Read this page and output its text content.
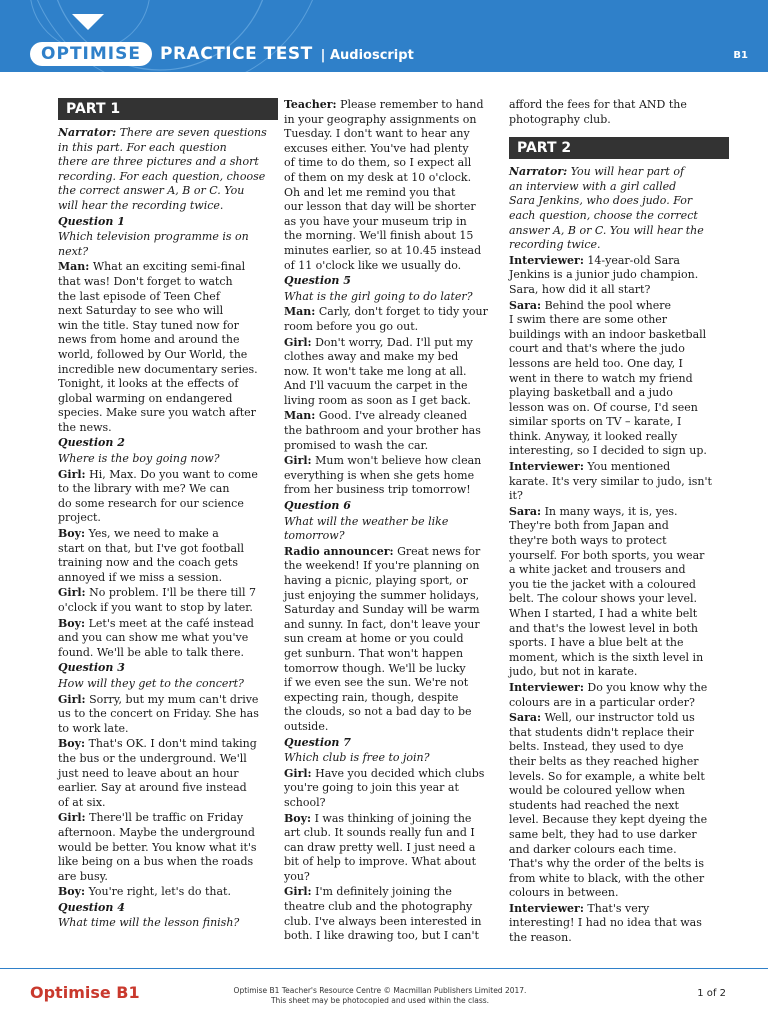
OPTIMISE	PRACTICE TEST | Audioscript	B1
PART 1

Narrator: There are seven questions
in this part. For each question
there are three pictures and a short
recording. For each question, choose
the correct answer A, B or C. You
will hear the recording twice.

Question 1

Which television programme is on
next?

Man: What an exciting semi-final
that was! Don't forget to watch
the last episode of Teen Chef
next Saturday to see who will
win the title. Stay tuned now for
news from home and around the
world, followed by Our World, the
incredible new documentary series.
Tonight, it looks at the effects of
global warming on endangered
species. Make sure you watch after
the news.

Question 2

Where is the boy going now?

Girl: Hi, Max. Do you want to come
to the library with me? We can
do some research for our science
project.

Boy: Yes, we need to make a
start on that, but I've got football
training now and the coach gets
annoyed if we miss a session.

Girl: No problem. I'll be there till 7
o'clock if you want to stop by later.

Boy: Let's meet at the café instead
and you can show me what you've
found. We'll be able to talk there.

Question 3

How will they get to the concert?

Girl: Sorry, but my mum can't drive
us to the concert on Friday. She has
to work late.

Boy: That's OK. I don't mind taking
the bus or the underground. We'll
just need to leave about an hour
earlier. Say at around five instead
of at six.

Girl: There'll be traffic on Friday
afternoon. Maybe the underground
would be better. You know what it's
like being on a bus when the roads
are busy.

Boy: You're right, let's do that.

Question 4

What time will the lesson finish?

Teacher: Please remember to hand
in your geography assignments on
Tuesday. I don't want to hear any
excuses either. You've had plenty
of time to do them, so I expect all
of them on my desk at 10 o'clock.
Oh and let me remind you that
our lesson that day will be shorter
as you have your museum trip in
the morning. We'll finish about 15
minutes earlier, so at 10.45 instead
of 11 o'clock like we usually do.

Question 5

What is the girl going to do later?

Man: Carly, don't forget to tidy your
room before you go out.

Girl: Don't worry, Dad. I'll put my
clothes away and make my bed
now. It won't take me long at all.
And I'll vacuum the carpet in the
living room as soon as I get back.

Man: Good. I've already cleaned
the bathroom and your brother has
promised to wash the car.

Girl: Mum won't believe how clean
everything is when she gets home
from her business trip tomorrow!

Question 6

What will the weather be like
tomorrow?

Radio announcer: Great news for
the weekend! If you're planning on
having a picnic, playing sport, or
just enjoying the summer holidays,
Saturday and Sunday will be warm
and sunny. In fact, don't leave your
sun cream at home or you could
get sunburn. That won't happen
tomorrow though. We'll be lucky
if we even see the sun. We're not
expecting rain, though, despite
the clouds, so not a bad day to be
outside.

Question 7

Which club is free to join?

Girl: Have you decided which clubs
you're going to join this year at
school?

Boy: I was thinking of joining the
art club. It sounds really fun and I
can draw pretty well. I just need a
bit of help to improve. What about
you?

Girl: I'm definitely joining the
theatre club and the photography
club. I've always been interested in
both. I like drawing too, but I can't

afford the fees for that AND the
photography club.

PART 2

Narrator: You will hear part of
an interview with a girl called
Sara Jenkins, who does judo. For
each question, choose the correct
answer A, B or C. You will hear the
recording twice.

Interviewer: 14-year-old Sara
Jenkins is a junior judo champion.
Sara, how did it all start?

Sara: Behind the pool where
I swim there are some other
buildings with an indoor basketball
court and that's where the judo
lessons are held too. One day, I
went in there to watch my friend
playing basketball and a judo
lesson was on. Of course, I'd seen
similar sports on TV – karate, I
think. Anyway, it looked really
interesting, so I decided to sign up.

Interviewer: You mentioned
karate. It's very similar to judo, isn't
it?

Sara: In many ways, it is, yes.
They're both from Japan and
they're both ways to protect
yourself. For both sports, you wear
a white jacket and trousers and
you tie the jacket with a coloured
belt. The colour shows your level.
When I started, I had a white belt
and that's the lowest level in both
sports. I have a blue belt at the
moment, which is the sixth level in
judo, but not in karate.

Interviewer: Do you know why the
colours are in a particular order?

Sara: Well, our instructor told us
that students didn't replace their
belts. Instead, they used to dye
their belts as they reached higher
levels. So for example, a white belt
would be coloured yellow when
students had reached the next
level. Because they kept dyeing the
same belt, they had to use darker
and darker colours each time.
That's why the order of the belts is
from white to black, with the other
colours in between.

Interviewer: That's very
interesting! I had no idea that was
the reason.

Optimise B1	Optimise B1 Teacher's Resource Centre © Macmillan Publishers Limited 2017.
This sheet may be photocopied and used within the class.
1 of 2
